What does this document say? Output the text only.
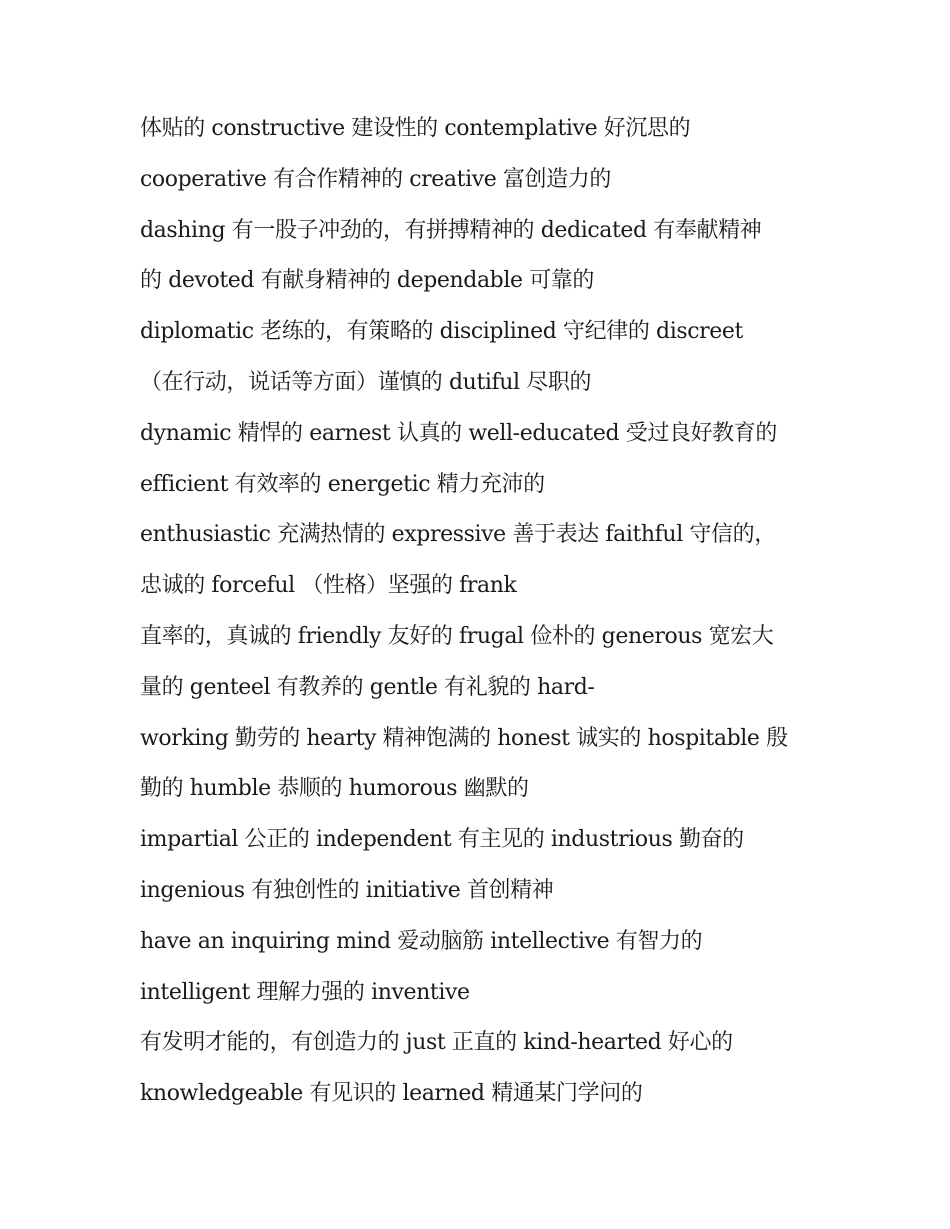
体贴的 constructive 建设性的 contemplative 好沉思的
cooperative 有合作精神的 creative 富创造力的
dashing 有一股子冲劲的，有拼搏精神的 dedicated 有奉献精神
的 devoted 有献身精神的 dependable 可靠的
diplomatic 老练的，有策略的 disciplined 守纪律的 discreet
（在行动，说话等方面）谨慎的 dutiful 尽职的
dynamic 精悍的 earnest 认真的 well-educated 受过良好教育的
efficient 有效率的 energetic 精力充沛的
enthusiastic 充满热情的 expressive 善于表达 faithful 守信的，
忠诚的 forceful （性格）坚强的 frank
直率的，真诚的 friendly 友好的 frugal 俭朴的 generous 宽宏大
量的 genteel 有教养的 gentle 有礼貌的 hard-
working 勤劳的 hearty 精神饱满的 honest 诚实的 hospitable 殷
勤的 humble 恭顺的 humorous 幽默的
impartial 公正的 independent 有主见的 industrious 勤奋的
ingenious 有独创性的 initiative 首创精神
have an inquiring mind 爱动脑筋 intellective 有智力的
intelligent 理解力强的 inventive
有发明才能的，有创造力的 just 正直的 kind-hearted 好心的
knowledgeable 有见识的 learned 精通某门学问的
